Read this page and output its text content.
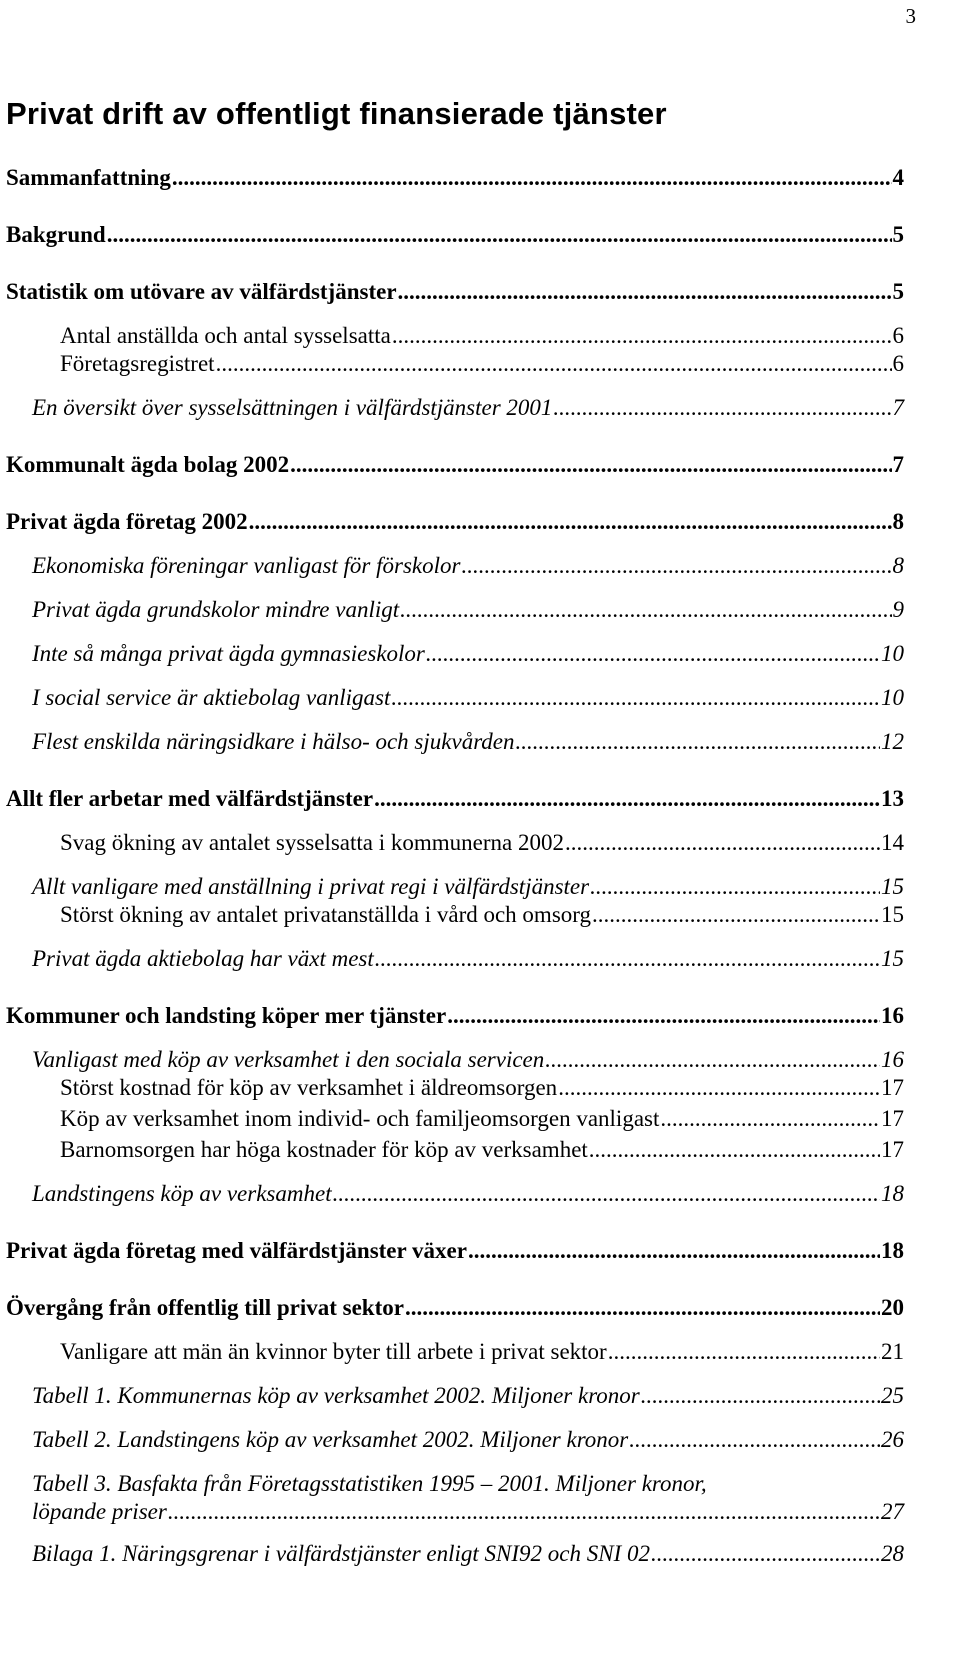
3
Privat drift av offentligt finansierade tjänster
Sammanfattning .....	4
Bakgrund .....	5
Statistik om utövare av välfärdstjänster .....	5
Antal anställda och antal sysselsatta .....	6
Företagsregistret .....	6
En översikt över sysselsättningen i välfärdstjänster 2001 .....	7
Kommunalt ägda bolag 2002 .....	7
Privat ägda företag 2002 .....	8
Ekonomiska föreningar vanligast för förskolor .....	8
Privat ägda grundskolor mindre vanligt .....	9
Inte så många privat ägda gymnasieskolor .....	10
I social service är aktiebolag vanligast .....	10
Flest enskilda näringsidkare i hälso- och sjukvården .....	12
Allt fler arbetar med välfärdstjänster .....	13
Svag ökning av antalet sysselsatta i kommunerna 2002 .....	14
Allt vanligare med anställning i privat regi i välfärdstjänster .....	15
Störst ökning av antalet privatanställda i vård och omsorg .....	15
Privat ägda aktiebolag har växt mest .....	15
Kommuner och landsting köper mer tjänster .....	16
Vanligast med köp av verksamhet i den sociala servicen .....	16
Störst kostnad för köp av verksamhet i äldreomsorgen .....	17
Köp av verksamhet inom individ- och familjeomsorgen vanligast .....	17
Barnomsorgen har höga kostnader för köp av verksamhet .....	17
Landstingens köp av verksamhet .....	18
Privat ägda företag med välfärdstjänster växer .....	18
Övergång från offentlig till privat sektor .....	20
Vanligare att män än kvinnor byter till arbete i privat sektor .....	21
Tabell 1. Kommunernas köp av verksamhet 2002. Miljoner kronor .....	25
Tabell 2. Landstingens köp av verksamhet 2002. Miljoner kronor .....	26
Tabell 3. Basfakta från Företagsstatistiken 1995 – 2001. Miljoner kronor,
löpande priser .....	27
Bilaga 1. Näringsgrenar i välfärdstjänster enligt SNI92 och SNI 02 .....	28
